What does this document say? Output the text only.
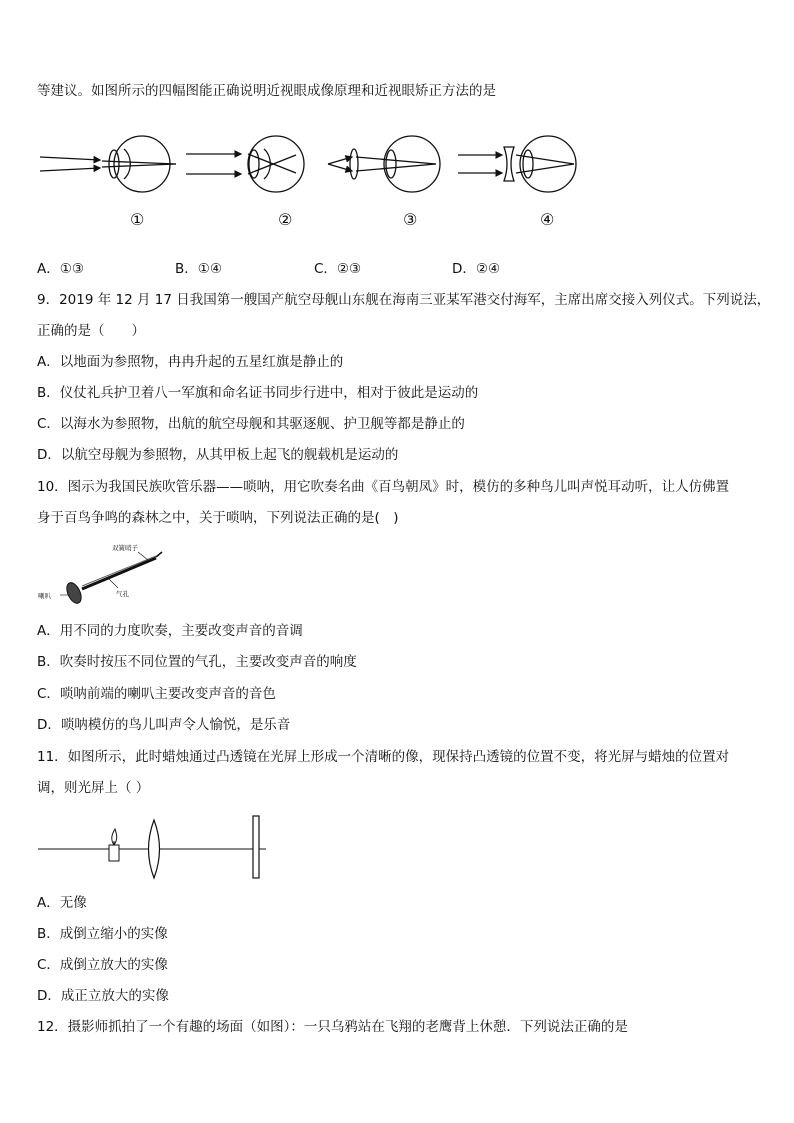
等建议。如图所示的四幅图能正确说明近视眼成像原理和近视眼矫正方法的是
①	②	③	④
A．①③	B．①④	C．②③	D．②④
9．2019 年 12 月 17 日我国第一艘国产航空母舰山东舰在海南三亚某军港交付海军，主席出席交接入列仪式。下列说法，
正确的是（　　）
A．以地面为参照物，冉冉升起的五星红旗是静止的
B．仪仗礼兵护卫着八一军旗和命名证书同步行进中，相对于彼此是运动的
C．以海水为参照物，出航的航空母舰和其驱逐舰、护卫舰等都是静止的
D．以航空母舰为参照物，从其甲板上起飞的舰载机是运动的
10．图示为我国民族吹管乐器——唢呐，用它吹奏名曲《百鸟朝凤》时，模仿的多种鸟儿叫声悦耳动听，让人仿佛置
身于百鸟争鸣的森林之中，关于唢呐，下列说法正确的是(　)
双簧哨子
喇叭	气孔
A．用不同的力度吹奏，主要改变声音的音调
B．吹奏时按压不同位置的气孔，主要改变声音的响度
C．唢呐前端的喇叭主要改变声音的音色
D．唢呐模仿的鸟儿叫声令人愉悦，是乐音
11．如图所示，此时蜡烛通过凸透镜在光屏上形成一个清晰的像，现保持凸透镜的位置不变，将光屏与蜡烛的位置对
调，则光屏上（ ）
A．无像
B．成倒立缩小的实像
C．成倒立放大的实像
D．成正立放大的实像
12．摄影师抓拍了一个有趣的场面（如图）：一只乌鸦站在飞翔的老鹰背上休憩．下列说法正确的是
